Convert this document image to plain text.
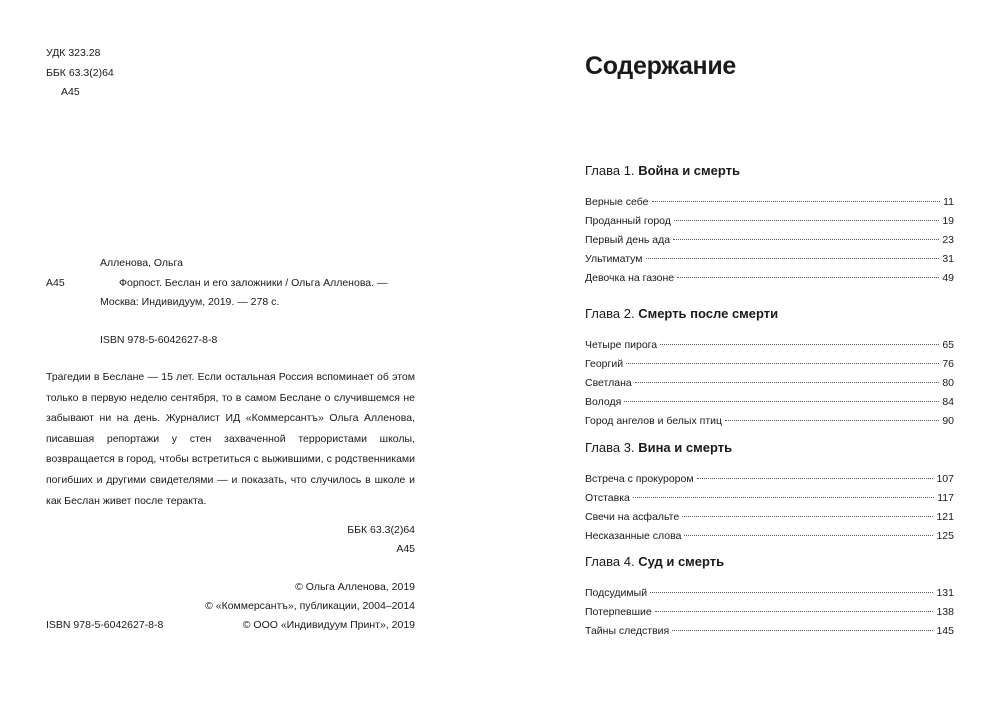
УДК 323.28
ББК 63.3(2)64
А45
Алленова, Ольга
А45	Форпост. Беслан и его заложники / Ольга Алленова. —
Москва: Индивидуум, 2019. — 278 с.
ISBN 978-5-6042627-8-8
Трагедии в Беслане — 15 лет. Если остальная Россия вспоминает об этом только в первую неделю сентября, то в самом Беслане о случившемся не забывают ни на день. Журналист ИД «Коммерсантъ» Ольга Алленова, писавшая репортажи у стен захваченной террористами школы, возвращается в город, чтобы встретиться с выжившими, с родственниками погибших и другими свидетелями — и показать, что случилось в школе и как Беслан живет после теракта.
ББК 63.3(2)64
А45
© Ольга Алленова, 2019
© «Коммерсантъ», публикации, 2004–2014
ISBN 978-5-6042627-8-8	© ООО «Индивидуум Принт», 2019
Содержание
Глава 1. Война и смерть
Верные себе	11
Проданный город	19
Первый день ада	23
Ультиматум	31
Девочка на газоне	49
Глава 2. Смерть после смерти
Четыре пирога	65
Георгий	76
Светлана	80
Володя	84
Город ангелов и белых птиц	90
Глава 3. Вина и смерть
Встреча с прокурором	107
Отставка	117
Свечи на асфальте	121
Несказанные слова	125
Глава 4. Суд и смерть
Подсудимый	131
Потерпевшие	138
Тайны следствия	145
